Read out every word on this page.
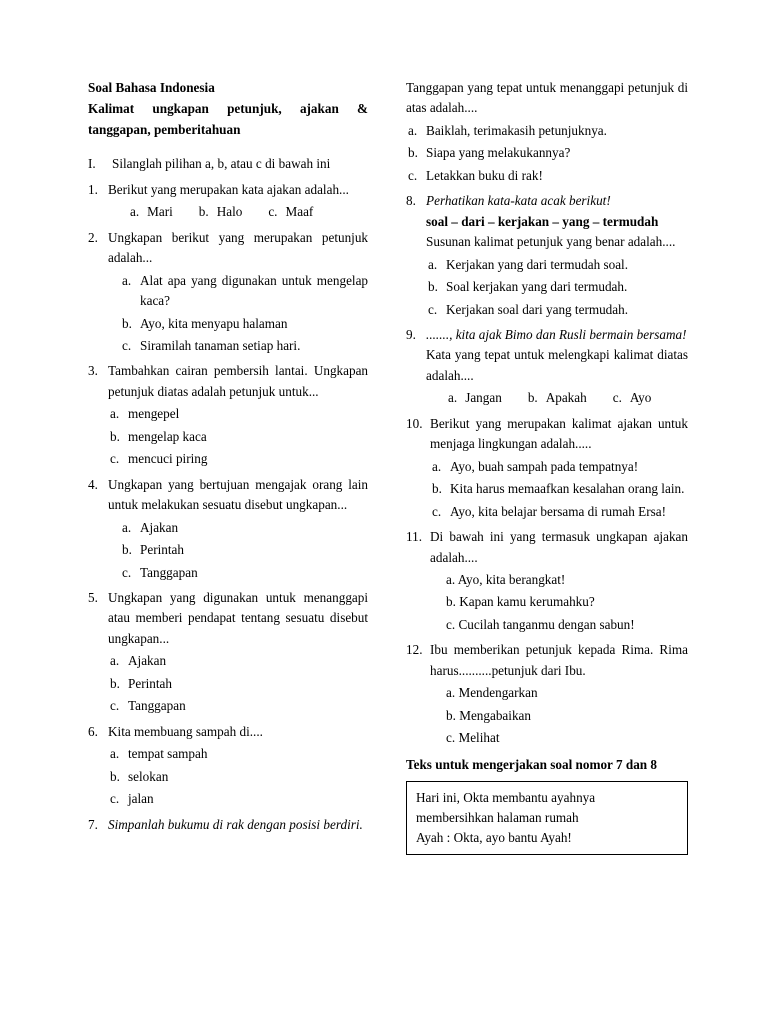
Soal Bahasa Indonesia
Kalimat ungkapan petunjuk, ajakan & tanggapan, pemberitahuan
I.	Silanglah pilihan a, b, atau c di bawah ini
1. Berikut yang merupakan kata ajakan adalah...
a. Mari b. Halo c. Maaf
2. Ungkapan berikut yang merupakan petunjuk adalah...
a. Alat apa yang digunakan untuk mengelap kaca?
b. Ayo, kita menyapu halaman
c. Siramilah tanaman setiap hari.
3. Tambahkan cairan pembersih lantai. Ungkapan petunjuk diatas adalah petunjuk untuk...
a. mengepel
b. mengelap kaca
c. mencuci piring
4. Ungkapan yang bertujuan mengajak orang lain untuk melakukan sesuatu disebut ungkapan...
a. Ajakan
b. Perintah
c. Tanggapan
5. Ungkapan yang digunakan untuk menanggapi atau memberi pendapat tentang sesuatu disebut ungkapan...
a. Ajakan
b. Perintah
c. Tanggapan
6. Kita membuang sampah di....
a. tempat sampah
b. selokan
c. jalan
7. Simpanlah bukumu di rak dengan posisi berdiri.
Tanggapan yang tepat untuk menanggapi petunjuk di atas adalah....
a. Baiklah, terimakasih petunjuknya.
b. Siapa yang melakukannya?
c. Letakkan buku di rak!
8. Perhatikan kata-kata acak berikut!
soal – dari – kerjakan – yang – termudah
Susunan kalimat petunjuk yang benar adalah....
a. Kerjakan yang dari termudah soal.
b. Soal kerjakan yang dari termudah.
c. Kerjakan soal dari yang termudah.
9. ......., kita ajak Bimo dan Rusli bermain bersama!
Kata yang tepat untuk melengkapi kalimat diatas adalah....
a. Jangan b. Apakah c. Ayo
10. Berikut yang merupakan kalimat ajakan untuk menjaga lingkungan adalah.....
a. Ayo, buah sampah pada tempatnya!
b. Kita harus memaafkan kesalahan orang lain.
c. Ayo, kita belajar bersama di rumah Ersa!
11. Di bawah ini yang termasuk ungkapan ajakan adalah....
a. Ayo, kita berangkat!
b. Kapan kamu kerumahku?
c. Cucilah tanganmu dengan sabun!
12. Ibu memberikan petunjuk kepada Rima. Rima harus..........petunjuk dari Ibu.
a. Mendengarkan
b. Mengabaikan
c. Melihat
Teks untuk mengerjakan soal nomor 7 dan 8
Hari ini, Okta membantu ayahnya
membersihkan halaman rumah
Ayah : Okta, ayo bantu Ayah!
